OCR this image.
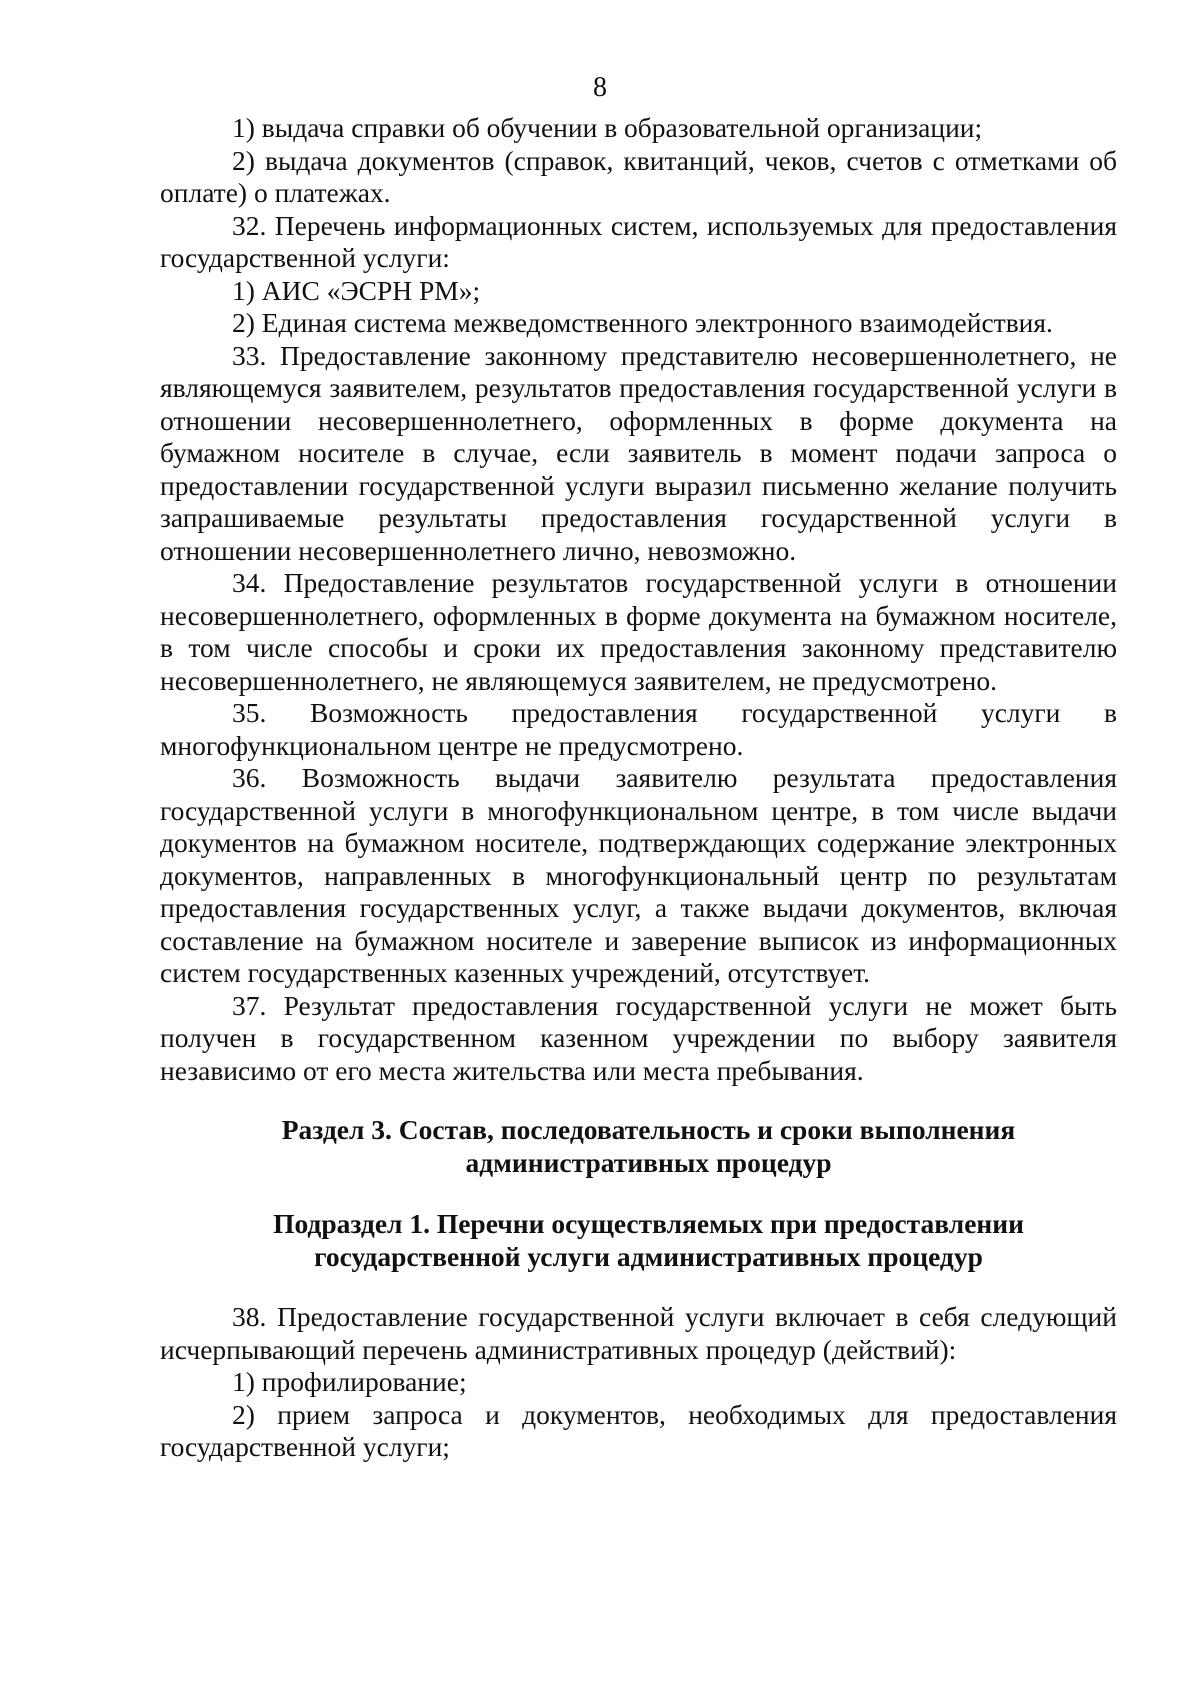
8

1) выдача справки об обучении в образовательной организации;

2) выдача документов (справок, квитанций, чеков, счетов с отметками об оплате) о платежах.

32. Перечень информационных систем, используемых для предоставления государственной услуги:

1) АИС «ЭСРН РМ»;

2) Единая система межведомственного электронного взаимодействия.

33. Предоставление законному представителю несовершеннолетнего, не являющемуся заявителем, результатов предоставления государственной услуги в отношении несовершеннолетнего, оформленных в форме документа на бумажном носителе в случае, если заявитель в момент подачи запроса о предоставлении государственной услуги выразил письменно желание получить запрашиваемые результаты предоставления государственной услуги в отношении несовершеннолетнего лично, невозможно.

34. Предоставление результатов государственной услуги в отношении несовершеннолетнего, оформленных в форме документа на бумажном носителе, в том числе способы и сроки их предоставления законному представителю несовершеннолетнего, не являющемуся заявителем, не предусмотрено.

35. Возможность предоставления государственной услуги в многофункциональном центре не предусмотрено.

36. Возможность выдачи заявителю результата предоставления государственной услуги в многофункциональном центре, в том числе выдачи документов на бумажном носителе, подтверждающих содержание электронных документов, направленных в многофункциональный центр по результатам предоставления государственных услуг, а также выдачи документов, включая составление на бумажном носителе и заверение выписок из информационных систем государственных казенных учреждений, отсутствует.

37. Результат предоставления государственной услуги не может быть получен в государственном казенном учреждении по выбору заявителя независимо от его места жительства или места пребывания.

Раздел 3. Состав, последовательность и сроки выполнения
административных процедур
Подраздел 1. Перечни осуществляемых при предоставлении
государственной услуги административных процедур

38. Предоставление государственной услуги включает в себя следующий исчерпывающий перечень административных процедур (действий):

1) профилирование;

2) прием запроса и документов, необходимых для предоставления государственной услуги;
